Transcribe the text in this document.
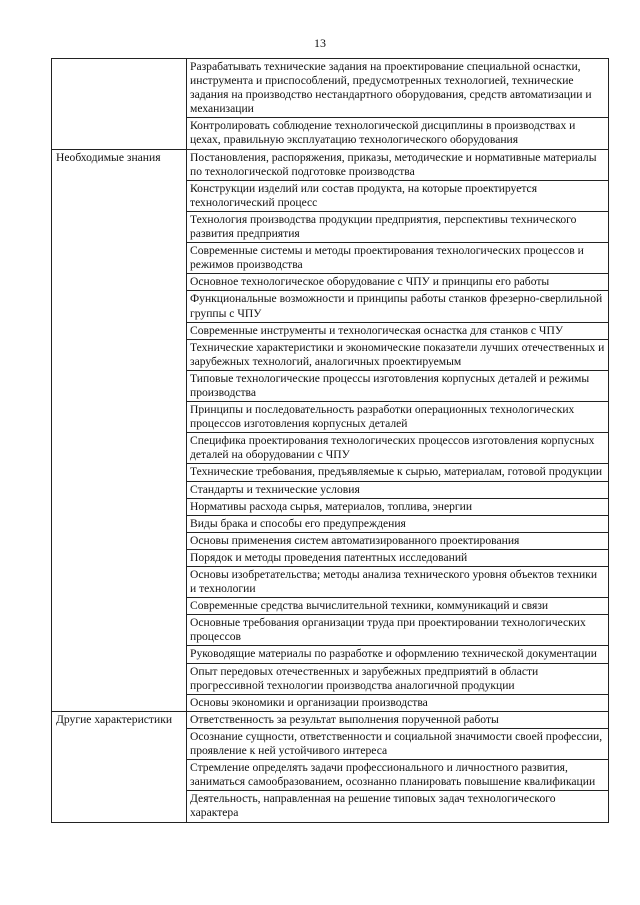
13
	Разрабатывать технические задания на проектирование специальной оснастки, инструмента и приспособлений, предусмотренных технологией, технические задания на производство нестандартного оборудования, средств автоматизации и механизации
	Контролировать соблюдение технологической дисциплины в производствах и цехах, правильную эксплуатацию технологического оборудования
Необходимые знания	Постановления, распоряжения, приказы, методические и нормативные материалы по технологической подготовке производства
	Конструкции изделий или состав продукта, на которые проектируется технологический процесс
	Технология производства продукции предприятия, перспективы технического развития предприятия
	Современные системы и методы проектирования технологических процессов и режимов производства
	Основное технологическое оборудование с ЧПУ и принципы его работы
	Функциональные возможности и принципы работы станков фрезерно-сверлильной группы с ЧПУ
	Современные инструменты и технологическая оснастка для станков с ЧПУ
	Технические характеристики и экономические показатели лучших отечественных и зарубежных технологий, аналогичных проектируемым
	Типовые технологические процессы изготовления корпусных деталей и режимы производства
	Принципы и последовательность разработки операционных технологических процессов изготовления корпусных деталей
	Специфика проектирования технологических процессов изготовления корпусных деталей на оборудовании с ЧПУ
	Технические требования, предъявляемые к сырью, материалам, готовой продукции
	Стандарты и технические условия
	Нормативы расхода сырья, материалов, топлива, энергии
	Виды брака и способы его предупреждения
	Основы применения систем автоматизированного проектирования
	Порядок и методы проведения патентных исследований
	Основы изобретательства; методы анализа технического уровня объектов техники и технологии
	Современные средства вычислительной техники, коммуникаций и связи
	Основные требования организации труда при проектировании технологических процессов
	Руководящие материалы по разработке и оформлению технической документации
	Опыт передовых отечественных и зарубежных предприятий в области прогрессивной технологии производства аналогичной продукции
	Основы экономики и организации производства
Другие характеристики	Ответственность за результат выполнения порученной работы
	Осознание сущности, ответственности и социальной значимости своей профессии, проявление к ней устойчивого интереса
	Стремление определять задачи профессионального и личностного развития, заниматься самообразованием, осознанно планировать повышение квалификации
	Деятельность, направленная на решение типовых задач технологического характера
